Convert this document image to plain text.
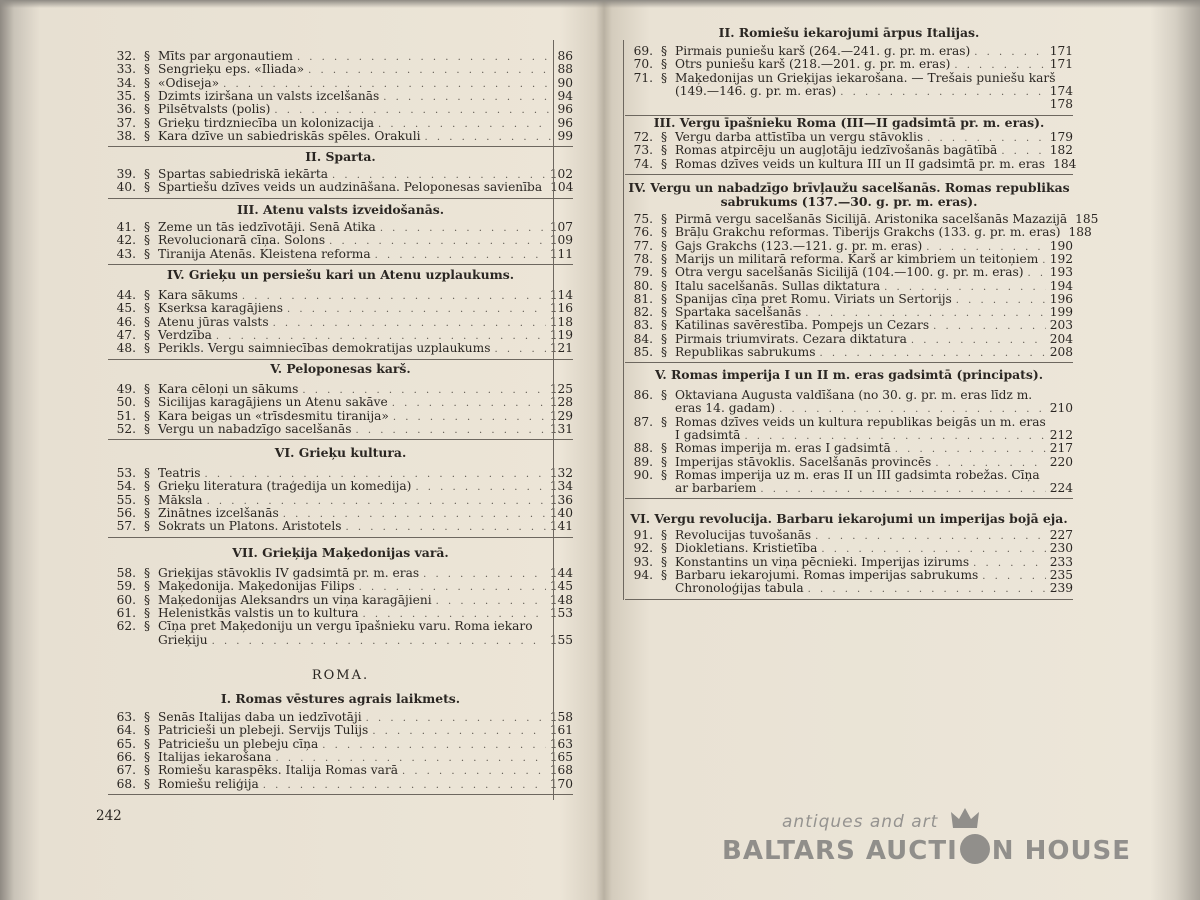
32. § Mīts par argonautiem . . .	86
33. § Sengrieķu eps. «Iliada» . . .	88
34. § «Odiseja» . . .	90
35. § Dzimts iziršana un valsts izcelšanās . . .	94
36. § Pilsētvalsts (polis) . . .	96
37. § Grieķu tirdzniecība un kolonizacija . . .	96
38. § Kara dzīve un sabiedriskās spēles. Orakuli . . .	99
II. Sparta.
39. § Spartas sabiedriskā iekārta . . .	102
40. § Spartiešu dzīves veids un audzināšana. Peloponesas savienība 104
III. Atenu valsts izveidošanās.
41. § Zeme un tās iedzīvotāji. Senā Atika . . .	107
42. § Revolucionarā cīņa. Solons . . .	109
43. § Tiranija Atenās. Kleistena reforma . . .	111
IV. Grieķu un persiešu kari un Atenu uzplaukums.
44. § Kara sākums . . .	114
45. § Kserksa karagājiens . . .	116
46. § Atenu jūras valsts . . .	118
47. § Verdzība . . .	119
48. § Perikls. Vergu saimniecības demokratijas uzplaukums . . .	121
V. Peloponesas karš.
49. § Kara cēloņi un sākums . . .	125
50. § Sicilijas karagājiens un Atenu sakāve . . .	128
51. § Kara beigas un «trīsdesmitu tiranija» . . .	129
52. § Vergu un nabadzīgo sacelšanās . . .	131
VI. Grieķu kultura.
53. § Teatris . . .	132
54. § Grieķu literatura (traģedija un komedija) . . .	134
55. § Māksla . . .	136
56. § Zinātnes izcelšanās . . .	140
57. § Sokrats un Platons. Aristotels . . .	141
VII. Grieķija Maķedonijas varā.
58. § Grieķijas stāvoklis IV gadsimtā pr. m. eras . . .	144
59. § Maķedonija. Maķedonijas Filips . . .	145
60. § Maķedonijas Aleksandrs un viņa karagājieni . . .	148
61. § Helenistkās valstis un to kultura . . .	153
62. § Cīņa pret Maķedoniju un vergu īpašnieku varu. Roma iekaro
Grieķiju . . .	155
ROMA.
I. Romas vēstures agrais laikmets.
63. § Senās Italijas daba un iedzīvotāji . . .	158
64. § Patricieši un plebeji. Servijs Tulijs . . .	161
65. § Patriciešu un plebeju cīņa . . .	163
66. § Italijas iekarošana . . .	165
67. § Romiešu karaspēks. Italija Romas varā . . .	168
68. § Romiešu reliģija . . .	170
II. Romiešu iekarojumi ārpus Italijas.
69. § Pirmais puniešu karš (264.—241. g. pr. m. eras) . . .	171
70. § Otrs puniešu karš (218.—201. g. pr. m. eras) . . .	171
71. § Maķedonijas un Grieķijas iekarošana. — Trešais puniešu karš
(149.—146. g. pr. m. eras) . . .	174
178
III. Vergu īpašnieku Roma (III—II gadsimtā pr. m. eras).
72. § Vergu darba attīstība un vergu stāvoklis . . .	179
73. § Romas atpircēju un augļotāju iedzīvošanās bagātībā . . .	182
74. § Romas dzīves veids un kultura III un II gadsimtā pr. m. eras 184
IV. Vergu un nabadzīgo brīvļaužu sacelšanās. Romas republikas
sabrukums (137.—30. g. pr. m. eras).
75. § Pirmā vergu sacelšanās Sicilijā. Aristonika sacelšanās Mazazijā 185
76. § Brāļu Grakchu reformas. Tiberijs Grakchs (133. g. pr. m. eras) 188
77. § Gajs Grakchs (123.—121. g. pr. m. eras) . . .	190
78. § Marijs un militarā reforma. Karš ar kimbriem un teitoņiem . . . 192
79. § Otra vergu sacelšanās Sicilijā (104.—100. g. pr. m. eras) . . . 193
80. § Italu sacelšanās. Sullas diktatura . . .	194
81. § Spanijas cīņa pret Romu. Viriats un Sertorijs . . .	196
82. § Spartaka sacelšanās . . .	199
83. § Katilinas savērestība. Pompejs un Cezars . . .	203
84. § Pirmais triumvirats. Cezara diktatura . . .	204
85. § Republikas sabrukums . . .	208
V. Romas imperija I un II m. eras gadsimtā (principats).
86. § Oktaviana Augusta valdīšana (no 30. g. pr. m. eras līdz m.
eras 14. gadam) . . .	210
87. § Romas dzīves veids un kultura republikas beigās un m. eras
I gadsimtā . . .	212
88. § Romas imperija m. eras I gadsimtā . . .	217
89. § Imperijas stāvoklis. Sacelšanās provincēs . . .	220
90. § Romas imperija uz m. eras II un III gadsimta robežas. Cīņa
ar barbariem . . .	224
VI. Vergu revolucija. Barbaru iekarojumi un imperijas bojā eja.
91. § Revolucijas tuvošanās . . .	227
92. § Diokletians. Kristietība . . .	230
93. § Konstantins un viņa pēcnieki. Imperijas izirums . . .	233
94. § Barbaru iekarojumi. Romas imperijas sabrukums . . .	235
Chronoloģijas tabula . . .	239
242	antiques and art
BALTARS AUCTI N HOUSE
